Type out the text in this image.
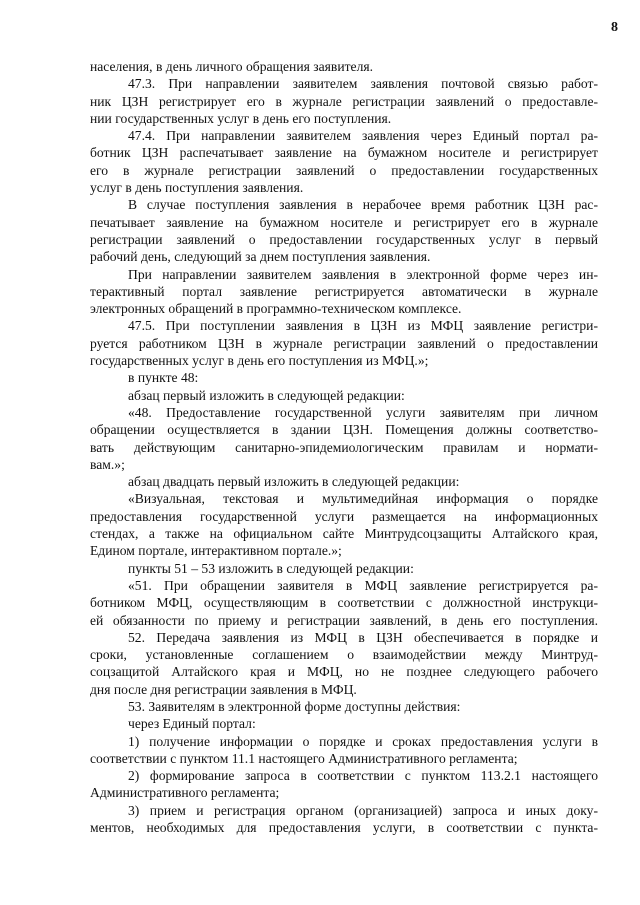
8
населения, в день личного обращения заявителя.
47.3. При направлении заявителем заявления почтовой связью работ-
ник ЦЗН регистрирует его в журнале регистрации заявлений о предоставле-
нии государственных услуг в день его поступления.
47.4. При направлении заявителем заявления через Единый портал ра-
ботник ЦЗН распечатывает заявление на бумажном носителе и регистрирует
его в журнале регистрации заявлений о предоставлении государственных
услуг в день поступления заявления.
В случае поступления заявления в нерабочее время работник ЦЗН рас-
печатывает заявление на бумажном носителе и регистрирует его в журнале
регистрации заявлений о предоставлении государственных услуг в первый
рабочий день, следующий за днем поступления заявления.
При направлении заявителем заявления в электронной форме через ин-
терактивный портал заявление регистрируется автоматически в журнале
электронных обращений в программно-техническом комплексе.
47.5. При поступлении заявления в ЦЗН из МФЦ заявление регистри-
руется работником ЦЗН в журнале регистрации заявлений о предоставлении
государственных услуг в день его поступления из МФЦ.»;
в пункте 48:
абзац первый изложить в следующей редакции:
«48. Предоставление государственной услуги заявителям при личном
обращении осуществляется в здании ЦЗН. Помещения должны соответство-
вать действующим санитарно-эпидемиологическим правилам и нормати-
вам.»;
абзац двадцать первый изложить в следующей редакции:
«Визуальная, текстовая и мультимедийная информация о порядке
предоставления государственной услуги размещается на информационных
стендах, а также на официальном сайте Минтрудсоцзащиты Алтайского края,
Едином портале, интерактивном портале.»;
пункты 51 – 53 изложить в следующей редакции:
«51. При обращении заявителя в МФЦ заявление регистрируется ра-
ботником МФЦ, осуществляющим в соответствии с должностной инструкци-
ей обязанности по приему и регистрации заявлений, в день его поступления.
52. Передача заявления из МФЦ в ЦЗН обеспечивается в порядке и
сроки, установленные соглашением о взаимодействии между Минтруд-
соцзащитой Алтайского края и МФЦ, но не позднее следующего рабочего
дня после дня регистрации заявления в МФЦ.
53. Заявителям в электронной форме доступны действия:
через Единый портал:
1) получение информации о порядке и сроках предоставления услуги в
соответствии с пунктом 11.1 настоящего Административного регламента;
2) формирование запроса в соответствии с пунктом 113.2.1 настоящего
Административного регламента;
3) прием и регистрация органом (организацией) запроса и иных доку-
ментов, необходимых для предоставления услуги, в соответствии с пункта-
